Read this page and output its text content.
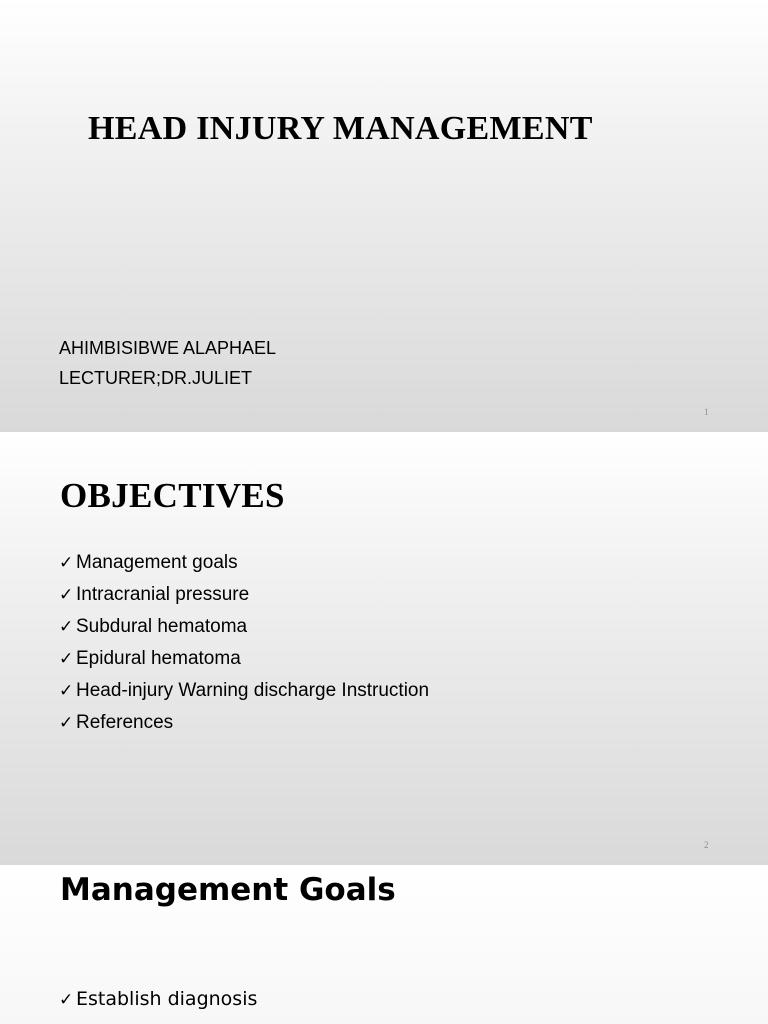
HEAD INJURY MANAGEMENT
AHIMBISIBWE ALAPHAEL
LECTURER;DR.JULIET
1
OBJECTIVES
✓ Management goals
✓ Intracranial pressure
✓ Subdural hematoma
✓ Epidural hematoma
✓ Head-injury Warning discharge Instruction
✓ References
2
Management Goals
✓ Establish diagnosis
